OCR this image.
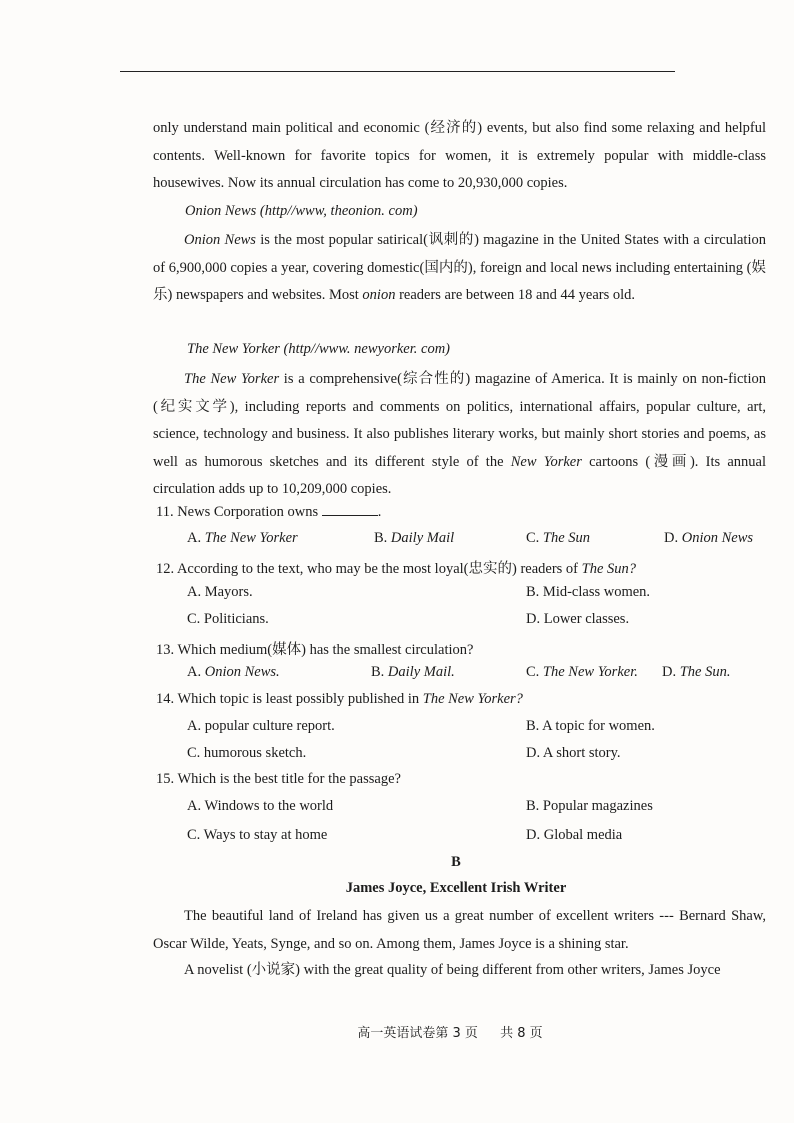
only understand main political and economic (经济的) events, but also find some relaxing and helpful contents. Well-known for favorite topics for women, it is extremely popular with middle-class housewives. Now its annual circulation has come to 20,930,000 copies.
Onion News (http//www, theonion. com)
Onion News is the most popular satirical(讽刺的) magazine in the United States with a circulation of 6,900,000 copies a year, covering domestic(国内的), foreign and local news including entertaining (娱乐) newspapers and websites. Most onion readers are between 18 and 44 years old.
The New Yorker (http//www. newyorker. com)
The New Yorker is a comprehensive(综合性的) magazine of America. It is mainly on non-fiction (纪实文学), including reports and comments on politics, international affairs, popular culture, art, science, technology and business. It also publishes literary works, but mainly short stories and poems, as well as humorous sketches and its different style of the New Yorker cartoons (漫画). Its annual circulation adds up to 10,209,000 copies.
11. News Corporation owns	.
A. The New Yorker	B. Daily Mail	C. The Sun	D. Onion News
12. According to the text, who may be the most loyal(忠实的) readers of The Sun?
A. Mayors.	B. Mid-class women.
C. Politicians.	D. Lower classes.
13. Which medium(媒体) has the smallest circulation?
A. Onion News.	B. Daily Mail.	C. The New Yorker. D. The Sun.
14. Which topic is least possibly published in The New Yorker?
A. popular culture report.	B. A topic for women.
C. humorous sketch.	D. A short story.
15. Which is the best title for the passage?
A. Windows to the world	B. Popular magazines
C. Ways to stay at home	D. Global media
B
James Joyce, Excellent Irish Writer
The beautiful land of Ireland has given us a great number of excellent writers --- Bernard Shaw, Oscar Wilde, Yeats, Synge, and so on. Among them, James Joyce is a shining star.
A novelist (小说家) with the great quality of being different from other writers, James Joyce
高一英语试卷第 3 页 共 8 页
